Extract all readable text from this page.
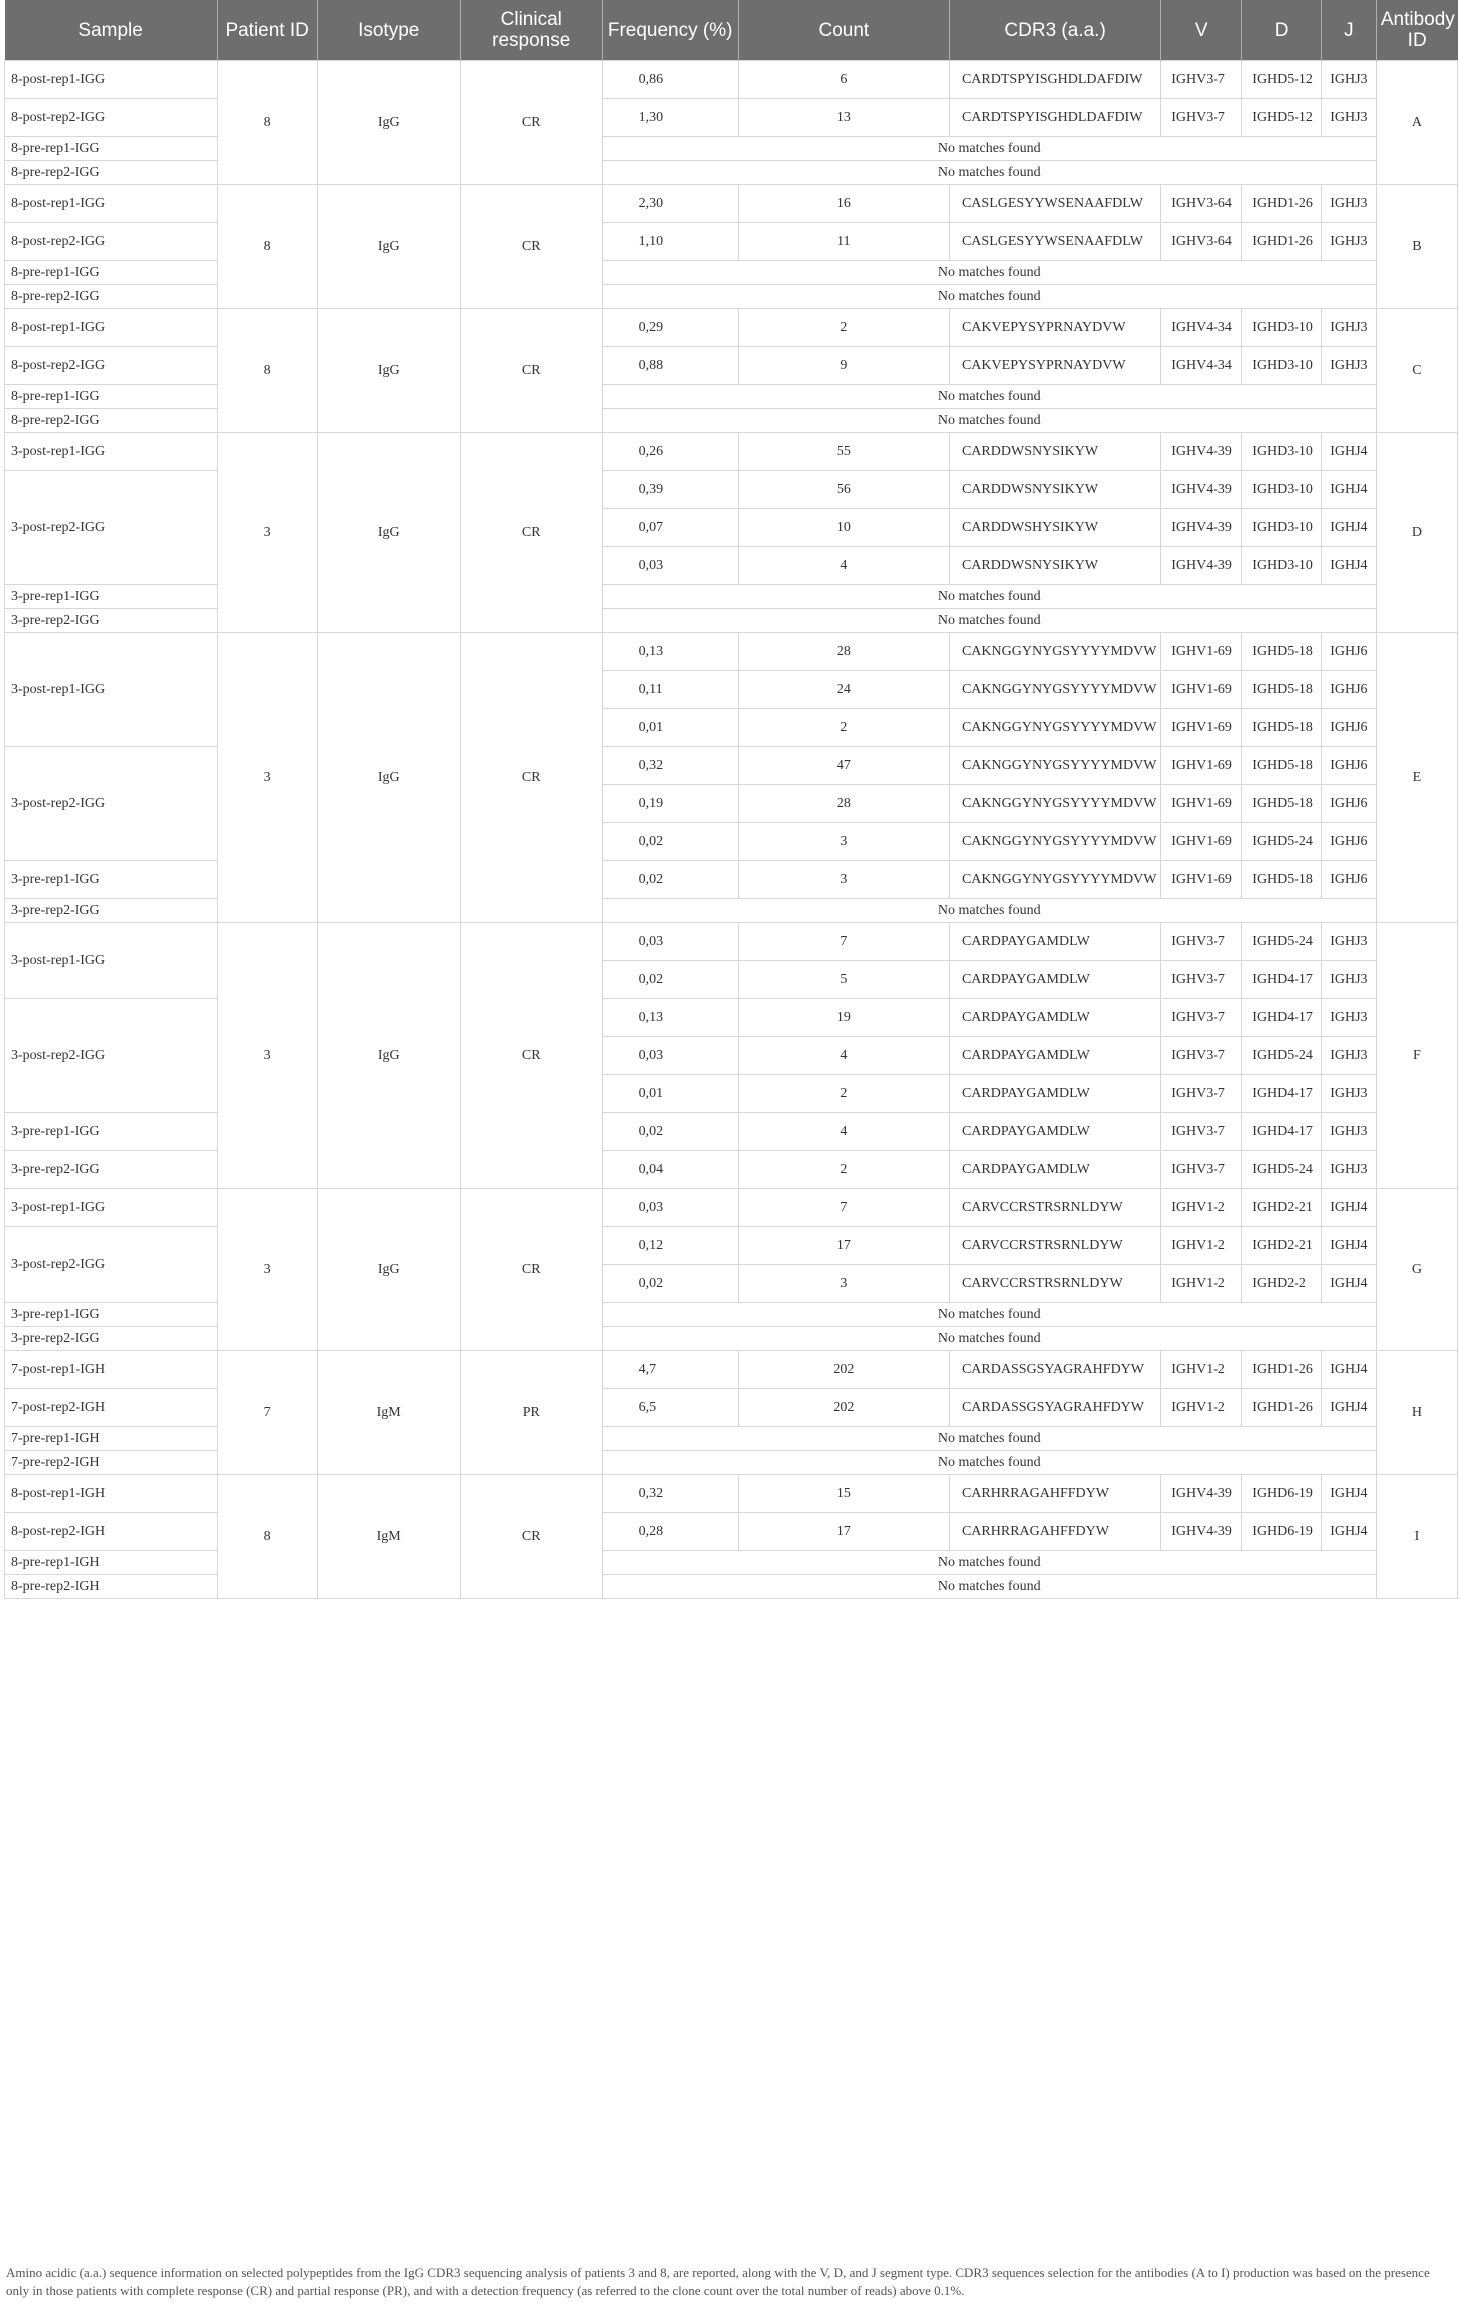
Sample	Patient ID	Isotype	Clinical response	Frequency (%)	Count	CDR3 (a.a.)	V	D	J	Antibody ID
8-post-rep1-IGG	8	IgG	CR	0,86	6	CARDTSPYISGHDLDAFDIW	IGHV3-7	IGHD5-12	IGHJ3	A
8-post-rep2-IGG				1,30	13	CARDTSPYISGHDLDAFDIW	IGHV3-7	IGHD5-12	IGHJ3	
8-pre-rep1-IGG				No matches found						
8-pre-rep2-IGG				No matches found						
8-post-rep1-IGG	8	IgG	CR	2,30	16	CASLGESYYWSENAAFDLW	IGHV3-64	IGHD1-26	IGHJ3	B
8-post-rep2-IGG				1,10	11	CASLGESYYWSENAAFDLW	IGHV3-64	IGHD1-26	IGHJ3	
8-pre-rep1-IGG				No matches found						
8-pre-rep2-IGG				No matches found						
8-post-rep1-IGG	8	IgG	CR	0,29	2	CAKVEPYSYPRNAYDVW	IGHV4-34	IGHD3-10	IGHJ3	C
8-post-rep2-IGG				0,88	9	CAKVEPYSYPRNAYDVW	IGHV4-34	IGHD3-10	IGHJ3	
8-pre-rep1-IGG				No matches found						
8-pre-rep2-IGG				No matches found						
3-post-rep1-IGG	3	IgG	CR	0,26	55	CARDDWSNYSIKYW	IGHV4-39	IGHD3-10	IGHJ4	D
3-post-rep2-IGG				0,39	56	CARDDWSNYSIKYW	IGHV4-39	IGHD3-10	IGHJ4	
				0,07	10	CARDDWSHYSIKYW	IGHV4-39	IGHD3-10	IGHJ4	
				0,03	4	CARDDWSNYSIKYW	IGHV4-39	IGHD3-10	IGHJ4	
3-pre-rep1-IGG				No matches found						
3-pre-rep2-IGG				No matches found						
3-post-rep1-IGG	3	IgG	CR	0,13	28	CAKNGGYNYGSYYYYMDVW	IGHV1-69	IGHD5-18	IGHJ6	E
				0,11	24	CAKNGGYNYGSYYYYMDVW	IGHV1-69	IGHD5-18	IGHJ6	
				0,01	2	CAKNGGYNYGSYYYYMDVW	IGHV1-69	IGHD5-18	IGHJ6	
3-post-rep2-IGG				0,32	47	CAKNGGYNYGSYYYYMDVW	IGHV1-69	IGHD5-18	IGHJ6	
				0,19	28	CAKNGGYNYGSYYYYMDVW	IGHV1-69	IGHD5-18	IGHJ6	
				0,02	3	CAKNGGYNYGSYYYYMDVW	IGHV1-69	IGHD5-24	IGHJ6	
3-pre-rep1-IGG				0,02	3	CAKNGGYNYGSYYYYMDVW	IGHV1-69	IGHD5-18	IGHJ6	
3-pre-rep2-IGG				No matches found						
3-post-rep1-IGG	3	IgG	CR	0,03	7	CARDPAYGAMDLW	IGHV3-7	IGHD5-24	IGHJ3	F
				0,02	5	CARDPAYGAMDLW	IGHV3-7	IGHD4-17	IGHJ3	
3-post-rep2-IGG				0,13	19	CARDPAYGAMDLW	IGHV3-7	IGHD4-17	IGHJ3	
				0,03	4	CARDPAYGAMDLW	IGHV3-7	IGHD5-24	IGHJ3	
				0,01	2	CARDPAYGAMDLW	IGHV3-7	IGHD4-17	IGHJ3	
3-pre-rep1-IGG				0,02	4	CARDPAYGAMDLW	IGHV3-7	IGHD4-17	IGHJ3	
3-pre-rep2-IGG				0,04	2	CARDPAYGAMDLW	IGHV3-7	IGHD5-24	IGHJ3	
3-post-rep1-IGG	3	IgG	CR	0,03	7	CARVCCRSTRSRNLDYW	IGHV1-2	IGHD2-21	IGHJ4	G
3-post-rep2-IGG				0,12	17	CARVCCRSTRSRNLDYW	IGHV1-2	IGHD2-21	IGHJ4	
				0,02	3	CARVCCRSTRSRNLDYW	IGHV1-2	IGHD2-2	IGHJ4	
3-pre-rep1-IGG				No matches found						
3-pre-rep2-IGG				No matches found						
7-post-rep1-IGH	7	IgM	PR	4,7	202	CARDASSGSYAGRAHFDYW	IGHV1-2	IGHD1-26	IGHJ4	H
7-post-rep2-IGH				6,5	202	CARDASSGSYAGRAHFDYW	IGHV1-2	IGHD1-26	IGHJ4	
7-pre-rep1-IGH				No matches found						
7-pre-rep2-IGH				No matches found						
8-post-rep1-IGH	8	IgM	CR	0,32	15	CARHRRAGAHFFDYW	IGHV4-39	IGHD6-19	IGHJ4	I
8-post-rep2-IGH				0,28	17	CARHRRAGAHFFDYW	IGHV4-39	IGHD6-19	IGHJ4	
8-pre-rep1-IGH				No matches found						
8-pre-rep2-IGH				No matches found						
Amino acidic (a.a.) sequence information on selected polypeptides from the IgG CDR3 sequencing analysis of patients 3 and 8, are reported, along with the V, D, and J segment type. CDR3 sequences selection for the antibodies (A to I) production was based on the presence only in those patients with complete response (CR) and partial response (PR), and with a detection frequency (as referred to the clone count over the total number of reads) above 0.1%.
